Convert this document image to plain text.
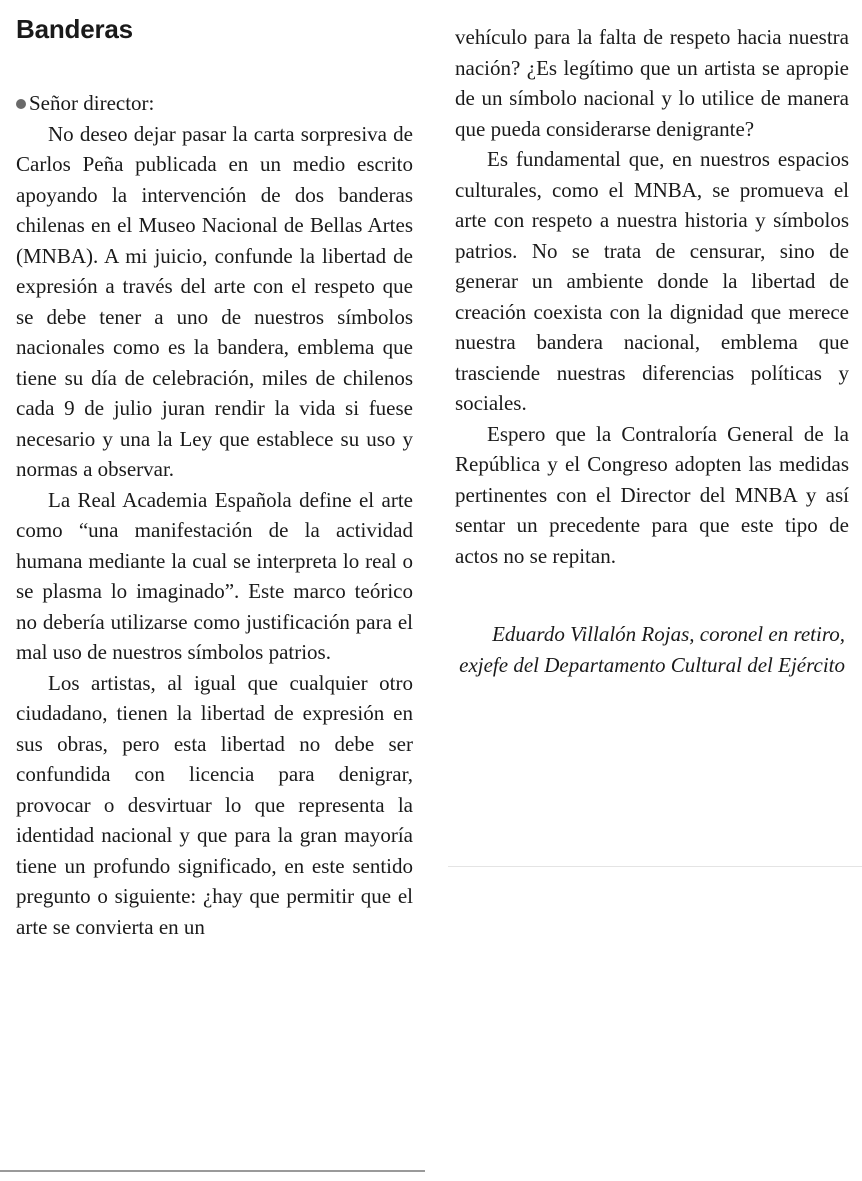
Banderas
Señor director:

No deseo dejar pasar la carta sorpresiva de Carlos Peña publicada en un medio escrito apoyando la intervención de dos banderas chilenas en el Museo Nacional de Bellas Artes (MNBA). A mi juicio, confunde la libertad de expresión a través del arte con el respeto que se debe tener a uno de nuestros símbolos nacionales como es la bandera, emblema que tiene su día de celebración, miles de chilenos cada 9 de julio juran rendir la vida si fuese necesario y una la Ley que establece su uso y normas a observar.

La Real Academia Española define el arte como “una manifestación de la actividad humana mediante la cual se interpreta lo real o se plasma lo imaginado”. Este marco teórico no debería utilizarse como justificación para el mal uso de nuestros símbolos patrios.

Los artistas, al igual que cualquier otro ciudadano, tienen la libertad de expresión en sus obras, pero esta libertad no debe ser confundida con licencia para denigrar, provocar o desvirtuar lo que representa la identidad nacional y que para la gran mayoría tiene un profundo significado, en este sentido pregunto o siguiente: ¿hay que permitir que el arte se convierta en un

vehículo para la falta de respeto hacia nuestra nación? ¿Es legítimo que un artista se apropie de un símbolo nacional y lo utilice de manera que pueda considerarse denigrante?

Es fundamental que, en nuestros espacios culturales, como el MNBA, se promueva el arte con respeto a nuestra historia y símbolos patrios. No se trata de censurar, sino de generar un ambiente donde la libertad de creación coexista con la dignidad que merece nuestra bandera nacional, emblema que trasciende nuestras diferencias políticas y sociales.

Espero que la Contraloría General de la República y el Congreso adopten las medidas pertinentes con el Director del MNBA y así sentar un precedente para que este tipo de actos no se repitan.

Eduardo Villalón Rojas, coronel en retiro, exjefe del Departamento Cultural del Ejército
